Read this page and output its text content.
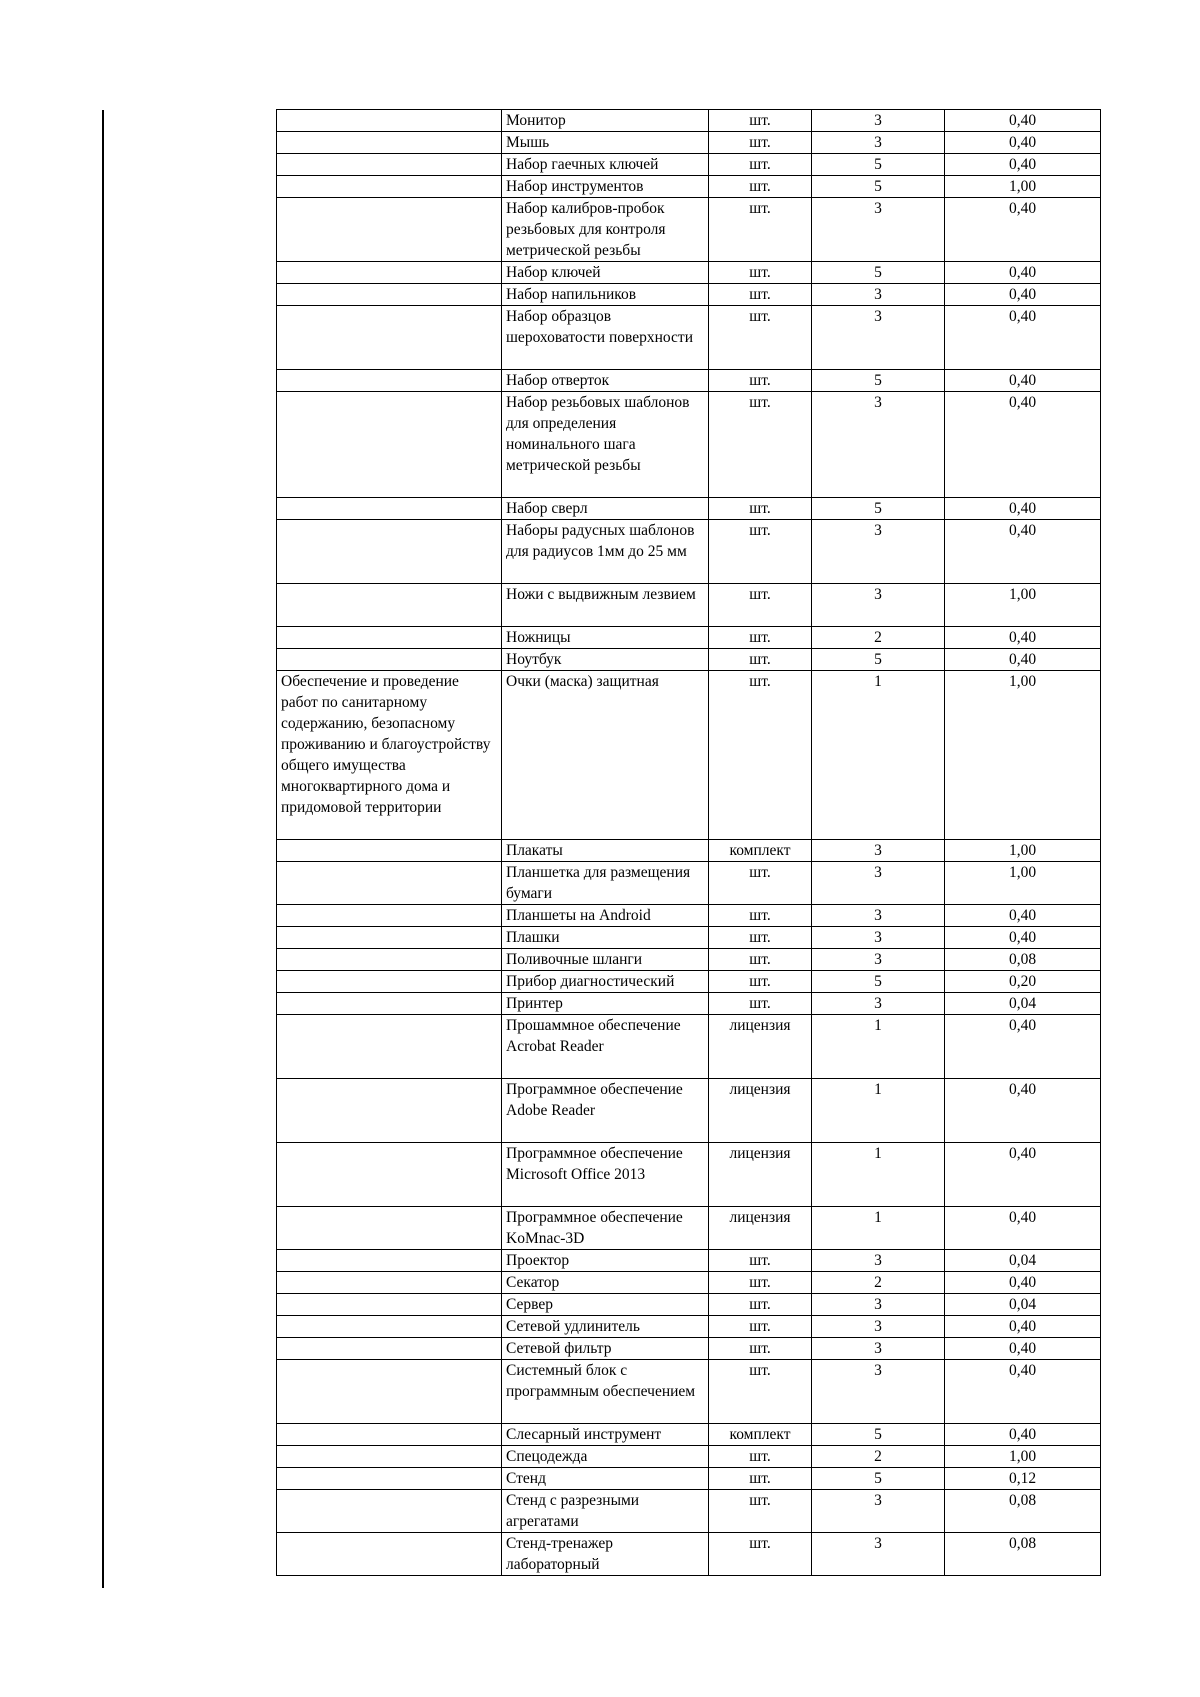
	Монитор	шт.	3	0,40
	Мышь	шт.	3	0,40
	Набор гаечных ключей	шт.	5	0,40
	Набор инструментов	шт.	5	1,00
	Набор калибров-пробок резьбовых для контроля метрической резьбы	шт.	3	0,40
	Набор ключей	шт.	5	0,40
	Набор напильников	шт.	3	0,40
	Набор образцов шероховатости поверхности	шт.	3	0,40
	Набор отверток	шт.	5	0,40
	Набор резьбовых шаблонов для определения номинального шага метрической резьбы	шт.	3	0,40
	Набор сверл	шт.	5	0,40
	Наборы радусных шаблонов для радиусов 1мм до 25 мм	шт.	3	0,40
	Ножи с выдвижным лезвием	шт.	3	1,00
	Ножницы	шт.	2	0,40
	Ноутбук	шт.	5	0,40
Обеспечение и проведение работ по санитарному содержанию, безопасному проживанию и благоустройству общего имущества многоквартирного дома и придомовой территории	Очки (маска) защитная	шт.	1	1,00
	Плакаты	комплект	3	1,00
	Планшетка для размещения бумаги	шт.	3	1,00
	Планшеты на Android	шт.	3	0,40
	Плашки	шт.	3	0,40
	Поливочные шланги	шт.	3	0,08
	Прибор диагностический	шт.	5	0,20
	Принтер	шт.	3	0,04
	Прошаммное обеспечение Acrobat Reader	лицензия	1	0,40
	Программное обеспечение Adobe Reader	лицензия	1	0,40
	Программное обеспечение Microsoft Office 2013	лицензия	1	0,40
	Программное обеспечение KoMnac-3D	лицензия	1	0,40
	Проектор	шт.	3	0,04
	Секатор	шт.	2	0,40
	Сервер	шт.	3	0,04
	Сетевой удлинитель	шт.	3	0,40
	Сетевой фильтр	шт.	3	0,40
	Системный блок с программным обеспечением	шт.	3	0,40
	Слесарный инструмент	комплект	5	0,40
	Спецодежда	шт.	2	1,00
	Стенд	шт.	5	0,12
	Стенд с разрезными агрегатами	шт.	3	0,08
	Стенд-тренажер лабораторный	шт.	3	0,08
